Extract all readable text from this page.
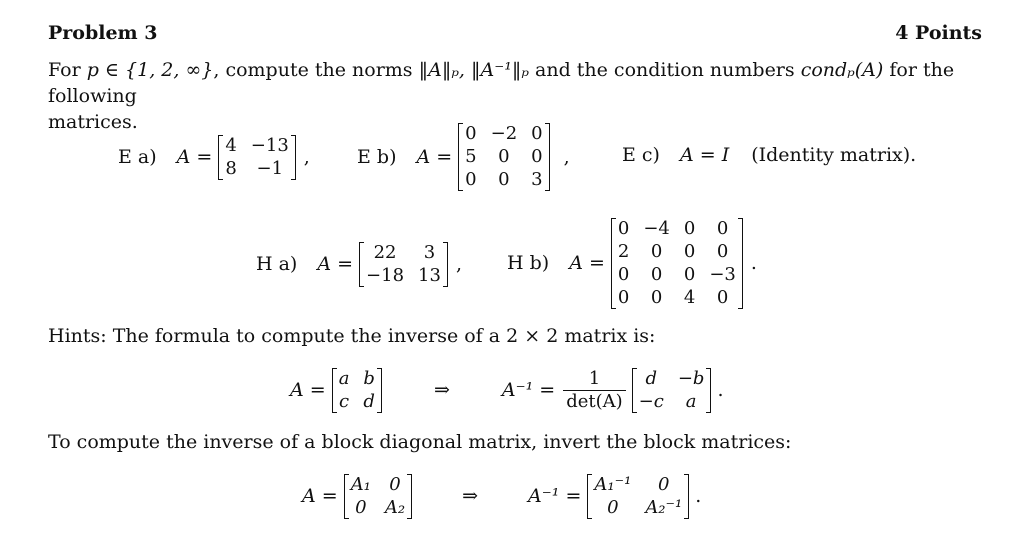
Problem 3	4 Points
For p ∈ {1, 2, ∞}, compute the norms ‖A‖ₚ, ‖A⁻¹‖ₚ and the condition numbers condₚ(A) for the following
matrices.
E a) A =
4 −13
8	−1	, E b) A =
0 −2 0
5	0	0
0	0	3
,	E c) A = I (Identity matrix).
H a) A =
22	3
−18 13 , H b) A =
0 −4 0	0
2	0	0	0
0	0	0 −3
0	0	4	0
.
Hints: The formula to compute the inverse of a 2 × 2 matrix is:
A =
a b
c d	⇒	$A^{-1} = \frac{1}{\det(A)}$	d	−b
−c	a	.
To compute the inverse of a block diagonal matrix, invert the block matrices:
A =
A₁ 0
0 A₂	⇒	A⁻¹ =
A₁⁻¹	0
0	A₂⁻¹ .
